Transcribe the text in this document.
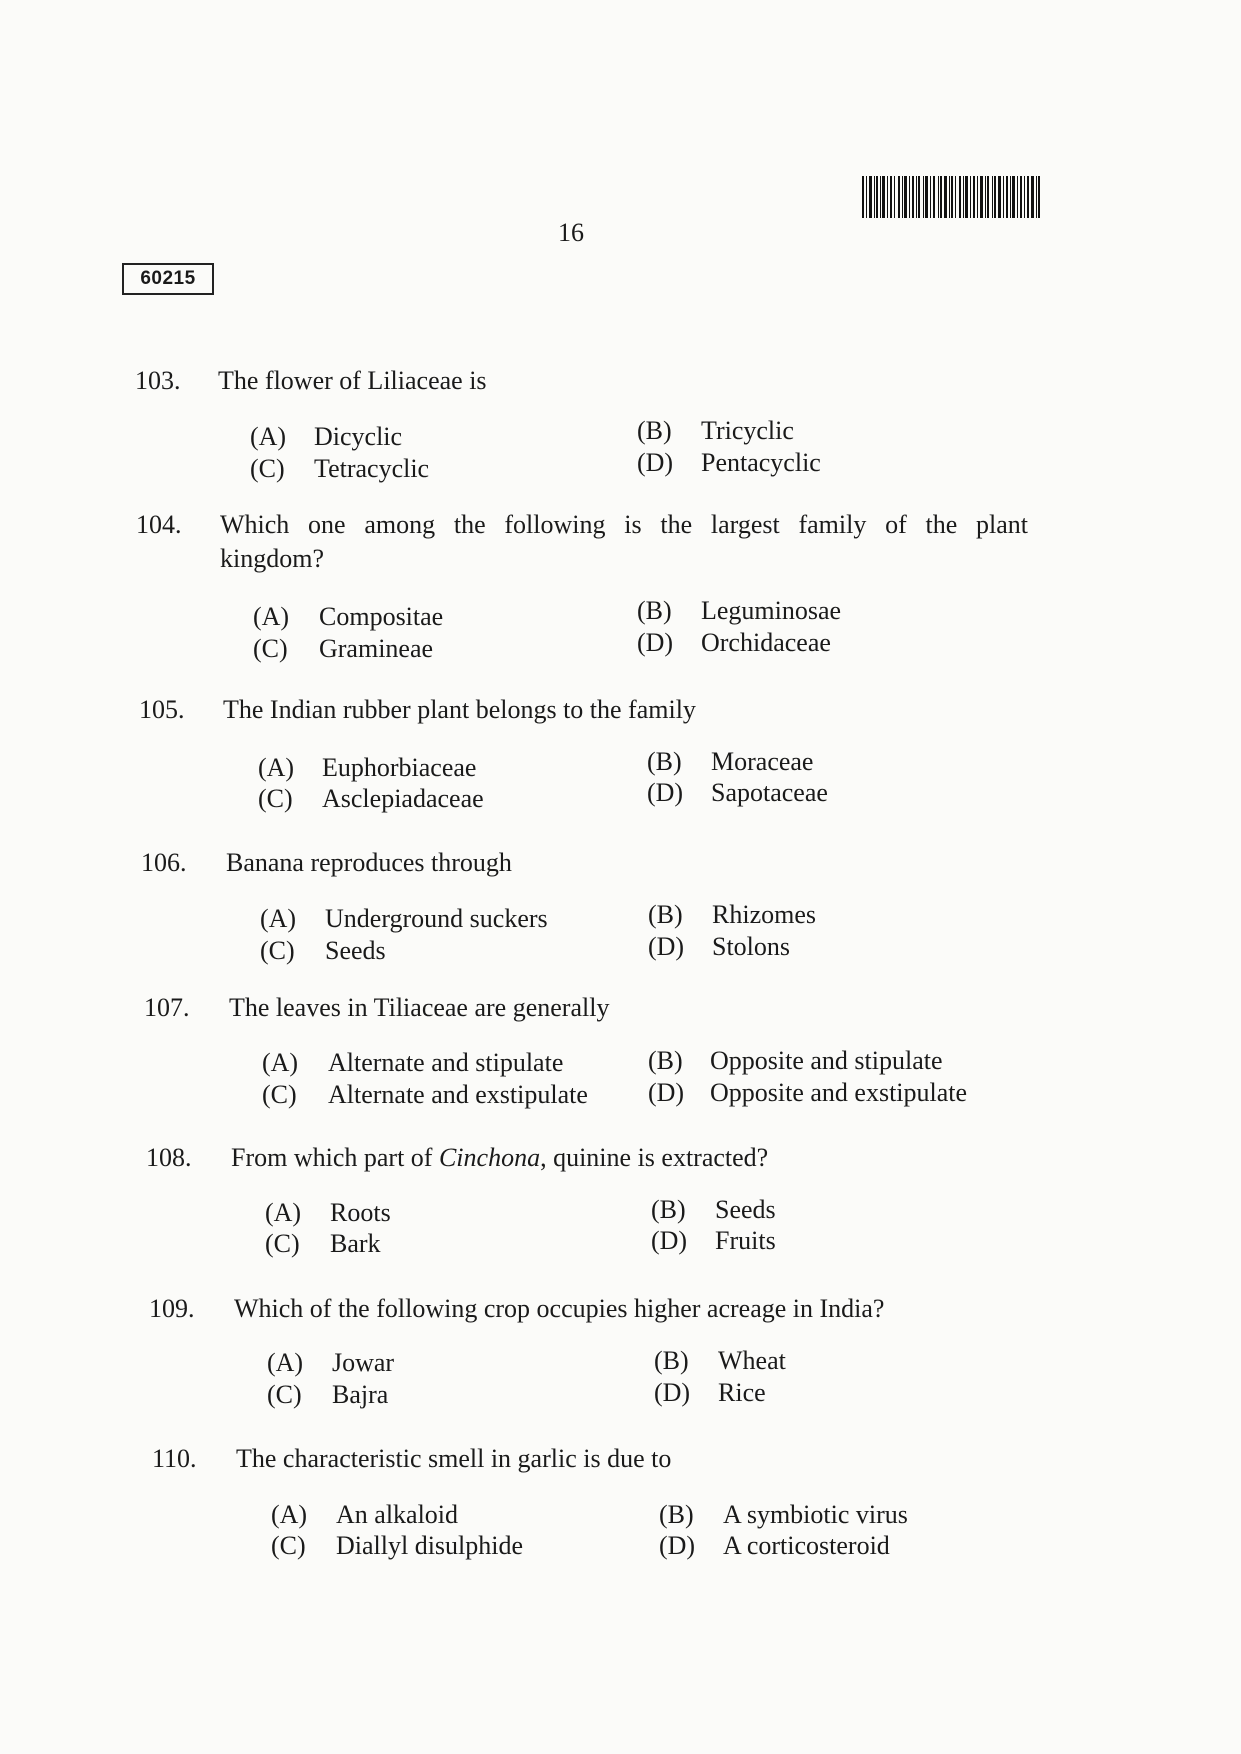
16
60215
103. The flower of Liliaceae is
(A) Dicyclic	(B) Tricyclic
(C) Tetracyclic	(D) Pentacyclic
104. Which one among the following is the largest family of the plant
kingdom?
(A) Compositae	(B) Leguminosae
(C) Gramineae	(D) Orchidaceae
105. The Indian rubber plant belongs to the family
(A) Euphorbiaceae	(B) Moraceae
(C) Asclepiadaceae	(D) Sapotaceae
106. Banana reproduces through
(A) Underground suckers	(B) Rhizomes
(C) Seeds	(D) Stolons
107. The leaves in Tiliaceae are generally
(A) Alternate and stipulate	(B) Opposite and stipulate
(C) Alternate and exstipulate (D) Opposite and exstipulate
108. From which part of Cinchona, quinine is extracted?
(A) Roots	(B) Seeds
(C) Bark	(D) Fruits
109. Which of the following crop occupies higher acreage in India?
(A) Jowar	(B) Wheat
(C) Bajra	(D) Rice
110. The characteristic smell in garlic is due to
(A) An alkaloid	(B) A symbiotic virus
(C) Diallyl disulphide	(D) A corticosteroid
